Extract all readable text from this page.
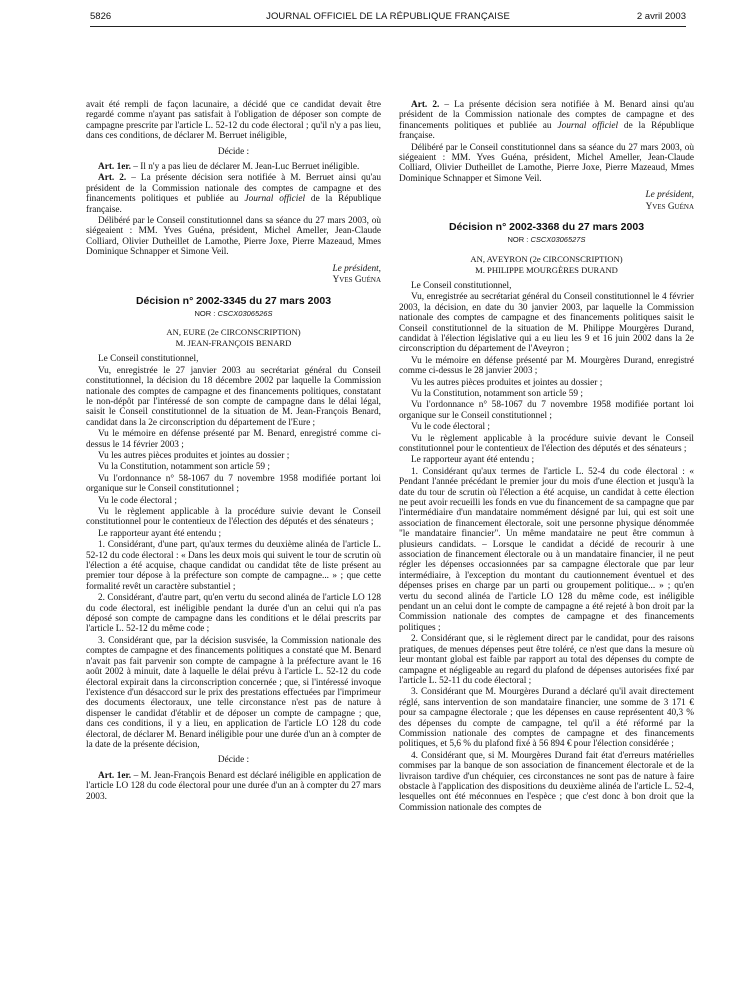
5826	JOURNAL OFFICIEL DE LA RÉPUBLIQUE FRANÇAISE	2 avril 2003

avait été rempli de façon lacunaire, a décidé que ce candidat devait être regardé comme n'ayant pas satisfait à l'obligation de déposer son compte de campagne prescrite par l'article L. 52-12 du code électoral ; qu'il n'y a pas lieu, dans ces conditions, de déclarer M. Berruet inéligible,

Décide :

Art. 1er. – Il n'y a pas lieu de déclarer M. Jean-Luc Berruet inéligible.

Art. 2. – La présente décision sera notifiée à M. Berruet ainsi qu'au président de la Commission nationale des comptes de campagne et des financements politiques et publiée au Journal officiel de la République française.

Délibéré par le Conseil constitutionnel dans sa séance du 27 mars 2003, où siégeaient : MM. Yves Guéna, président, Michel Ameller, Jean-Claude Colliard, Olivier Dutheillet de Lamothe, Pierre Joxe, Pierre Mazeaud, Mmes Dominique Schnapper et Simone Veil.

Le président,

Yves Guéna

Décision n° 2002-3345 du 27 mars 2003
NOR : CSCX0306526S

AN, EURE (2e CIRCONSCRIPTION)

M. JEAN-FRANÇOIS BENARD

Le Conseil constitutionnel,

Vu, enregistrée le 27 janvier 2003 au secrétariat général du Conseil constitutionnel, la décision du 18 décembre 2002 par laquelle la Commission nationale des comptes de campagne et des financements politiques, constatant le non-dépôt par l'intéressé de son compte de campagne dans le délai légal, saisit le Conseil constitutionnel de la situation de M. Jean-François Benard, candidat dans la 2e circonscription du département de l'Eure ;

Vu le mémoire en défense présenté par M. Benard, enregistré comme ci-dessus le 14 février 2003 ;

Vu les autres pièces produites et jointes au dossier ;

Vu la Constitution, notamment son article 59 ;

Vu l'ordonnance n° 58-1067 du 7 novembre 1958 modifiée portant loi organique sur le Conseil constitutionnel ;

Vu le code électoral ;

Vu le règlement applicable à la procédure suivie devant le Conseil constitutionnel pour le contentieux de l'élection des députés et des sénateurs ;

Le rapporteur ayant été entendu ;

1. Considérant, d'une part, qu'aux termes du deuxième alinéa de l'article L. 52-12 du code électoral : « Dans les deux mois qui suivent le tour de scrutin où l'élection a été acquise, chaque candidat ou candidat tête de liste présent au premier tour dépose à la préfecture son compte de campagne... » ; que cette formalité revêt un caractère substantiel ;

2. Considérant, d'autre part, qu'en vertu du second alinéa de l'article LO 128 du code électoral, est inéligible pendant la durée d'un an celui qui n'a pas déposé son compte de campagne dans les conditions et le délai prescrits par l'article L. 52-12 du même code ;

3. Considérant que, par la décision susvisée, la Commission nationale des comptes de campagne et des financements politiques a constaté que M. Benard n'avait pas fait parvenir son compte de campagne à la préfecture avant le 16 août 2002 à minuit, date à laquelle le délai prévu à l'article L. 52-12 du code électoral expirait dans la circonscription concernée ; que, si l'intéressé invoque l'existence d'un désaccord sur le prix des prestations effectuées par l'imprimeur des documents électoraux, une telle circonstance n'est pas de nature à dispenser le candidat d'établir et de déposer un compte de campagne ; que, dans ces conditions, il y a lieu, en application de l'article LO 128 du code électoral, de déclarer M. Benard inéligible pour une durée d'un an à compter de la date de la présente décision,

Décide :

Art. 1er. – M. Jean-François Benard est déclaré inéligible en application de l'article LO 128 du code électoral pour une durée d'un an à compter du 27 mars 2003.

Art. 2. – La présente décision sera notifiée à M. Benard ainsi qu'au président de la Commission nationale des comptes de campagne et des financements politiques et publiée au Journal officiel de la République française.

Délibéré par le Conseil constitutionnel dans sa séance du 27 mars 2003, où siégeaient : MM. Yves Guéna, président, Michel Ameller, Jean-Claude Colliard, Olivier Dutheillet de Lamothe, Pierre Joxe, Pierre Mazeaud, Mmes Dominique Schnapper et Simone Veil.

Le président,

Yves Guéna

Décision n° 2002-3368 du 27 mars 2003
NOR : CSCX0306527S

AN, AVEYRON (2e CIRCONSCRIPTION)

M. PHILIPPE MOURGÈRES DURAND

Le Conseil constitutionnel,

Vu, enregistrée au secrétariat général du Conseil constitutionnel le 4 février 2003, la décision, en date du 30 janvier 2003, par laquelle la Commission nationale des comptes de campagne et des financements politiques saisit le Conseil constitutionnel de la situation de M. Philippe Mourgères Durand, candidat à l'élection législative qui a eu lieu les 9 et 16 juin 2002 dans la 2e circonscription du département de l'Aveyron ;

Vu le mémoire en défense présenté par M. Mourgères Durand, enregistré comme ci-dessus le 28 janvier 2003 ;

Vu les autres pièces produites et jointes au dossier ;

Vu la Constitution, notamment son article 59 ;

Vu l'ordonnance n° 58-1067 du 7 novembre 1958 modifiée portant loi organique sur le Conseil constitutionnel ;

Vu le code électoral ;

Vu le règlement applicable à la procédure suivie devant le Conseil constitutionnel pour le contentieux de l'élection des députés et des sénateurs ;

Le rapporteur ayant été entendu ;

1. Considérant qu'aux termes de l'article L. 52-4 du code électoral : « Pendant l'année précédant le premier jour du mois d'une élection et jusqu'à la date du tour de scrutin où l'élection a été acquise, un candidat à cette élection ne peut avoir recueilli les fonds en vue du financement de sa campagne que par l'intermédiaire d'un mandataire nommément désigné par lui, qui est soit une association de financement électorale, soit une personne physique dénommée "le mandataire financier". Un même mandataire ne peut être commun à plusieurs candidats. – Lorsque le candidat a décidé de recourir à une association de financement électorale ou à un mandataire financier, il ne peut régler les dépenses occasionnées par sa campagne électorale que par leur intermédiaire, à l'exception du montant du cautionnement éventuel et des dépenses prises en charge par un parti ou groupement politique... » ; qu'en vertu du second alinéa de l'article LO 128 du même code, est inéligible pendant un an celui dont le compte de campagne a été rejeté à bon droit par la Commission nationale des comptes de campagne et des financements politiques ;

2. Considérant que, si le règlement direct par le candidat, pour des raisons pratiques, de menues dépenses peut être toléré, ce n'est que dans la mesure où leur montant global est faible par rapport au total des dépenses du compte de campagne et négligeable au regard du plafond de dépenses autorisées fixé par l'article L. 52-11 du code électoral ;

3. Considérant que M. Mourgères Durand a déclaré qu'il avait directement réglé, sans intervention de son mandataire financier, une somme de 3 171 € pour sa campagne électorale ; que les dépenses en cause représentent 40,3 % des dépenses du compte de campagne, tel qu'il a été réformé par la Commission nationale des comptes de campagne et des financements politiques, et 5,6 % du plafond fixé à 56 894 € pour l'élection considérée ;

4. Considérant que, si M. Mourgères Durand fait état d'erreurs matérielles commises par la banque de son association de financement électorale et de la livraison tardive d'un chéquier, ces circonstances ne sont pas de nature à faire obstacle à l'application des dispositions du deuxième alinéa de l'article L. 52-4, lesquelles ont été méconnues en l'espèce ; que c'est donc à bon droit que la Commission nationale des comptes de
